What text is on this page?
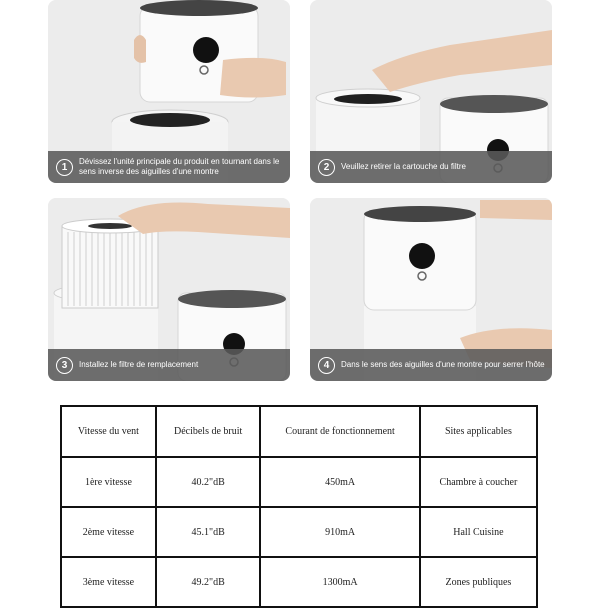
1	Dévissez l'unité principale du produit en tournant dans le sens inverse des aiguilles d'une montre	2	Veuillez retirer la cartouche du filtre
3	Installez le filtre de remplacement	4	Dans le sens des aiguilles d'une montre pour serrer l'hôte
Vitesse du vent	Décibels de bruit	Courant de fonctionnement	Sites applicables
1ère vitesse	40.2"dB	450mA	Chambre à coucher
2ème vitesse	45.1"dB	910mA	Hall Cuisine
3ème vitesse	49.2"dB	1300mA	Zones publiques
